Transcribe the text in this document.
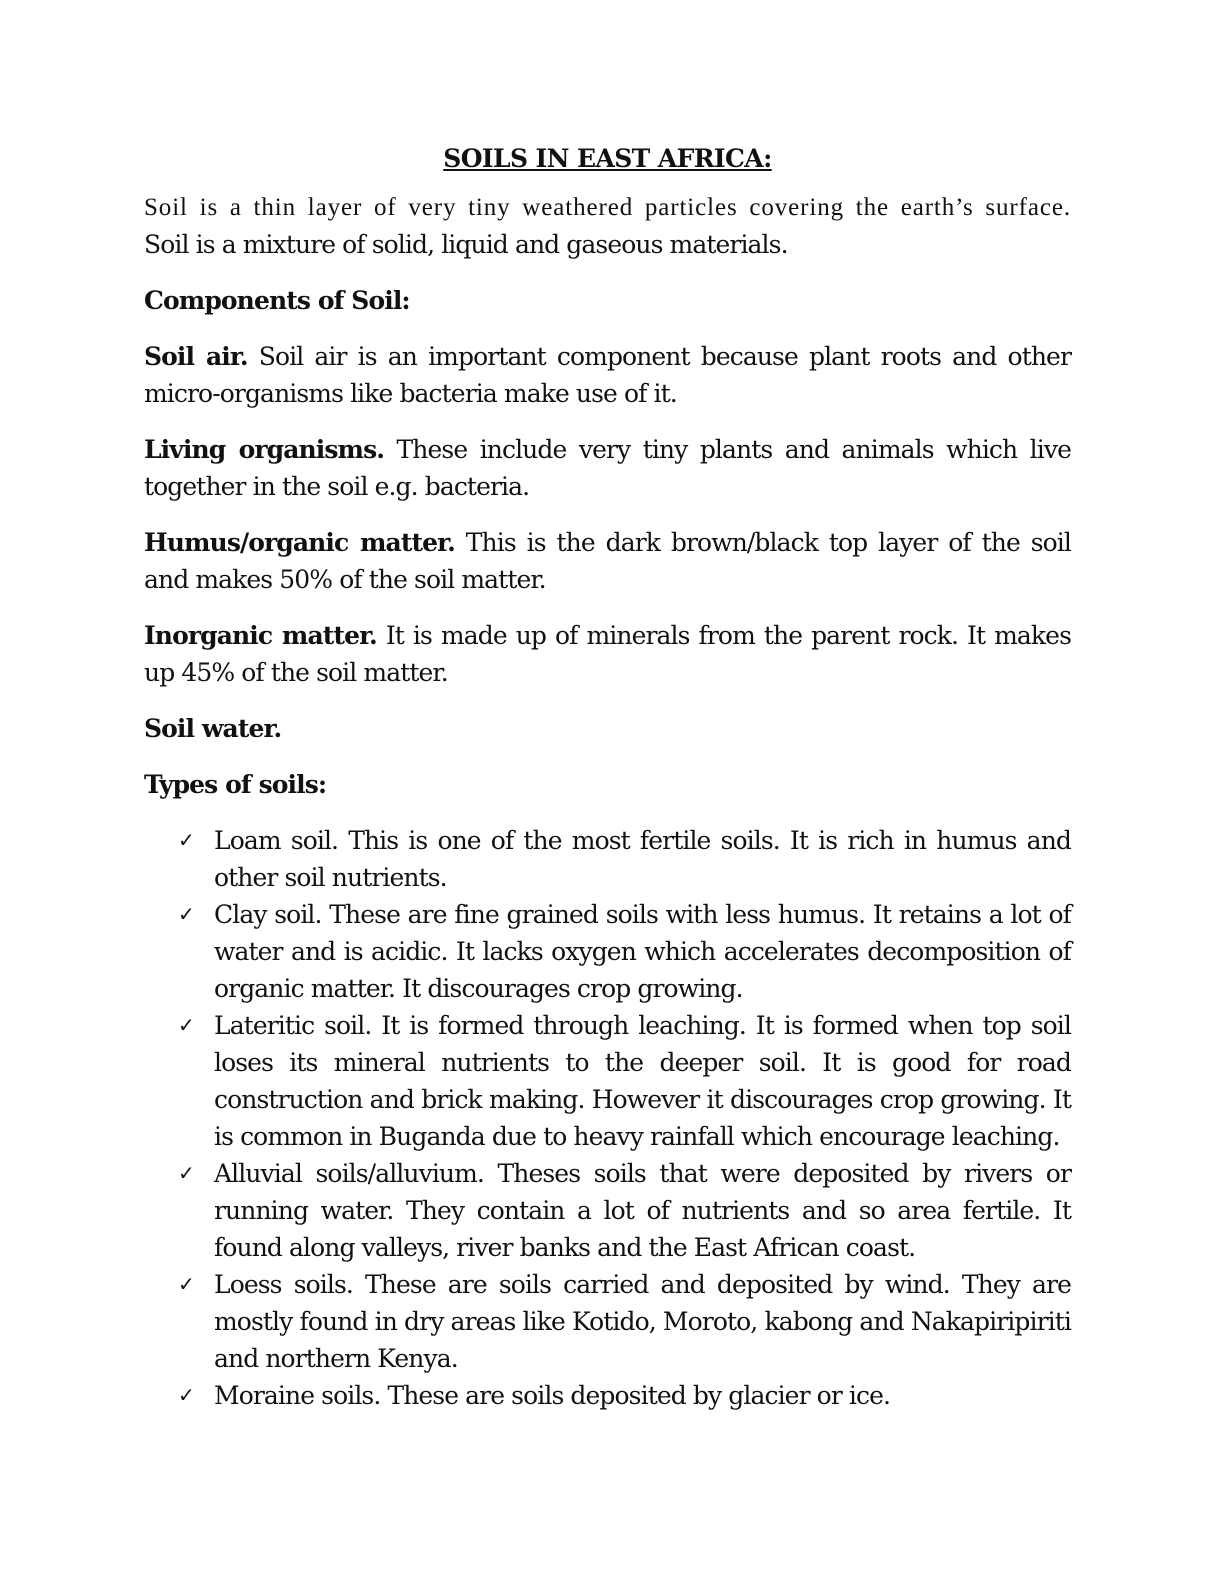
SOILS IN EAST AFRICA:

Soil is a thin layer of very tiny weathered particles covering the earth’s surface.
Soil is a mixture of solid, liquid and gaseous materials.

Components of Soil:

Soil air. Soil air is an important component because plant roots and other micro-organisms like bacteria make use of it.

Living organisms. These include very tiny plants and animals which live together in the soil e.g. bacteria.

Humus/organic matter. This is the dark brown/black top layer of the soil and makes 50% of the soil matter.

Inorganic matter. It is made up of minerals from the parent rock. It makes up 45% of the soil matter.

Soil water.

Types of soils:
✓ Loam soil. This is one of the most fertile soils. It is rich in humus and other soil nutrients.
✓ Clay soil. These are fine grained soils with less humus. It retains a lot of water and is acidic. It lacks oxygen which accelerates decomposition of organic matter. It discourages crop growing.
✓ Lateritic soil. It is formed through leaching. It is formed when top soil loses its mineral nutrients to the deeper soil. It is good for road construction and brick making. However it discourages crop growing. It is common in Buganda due to heavy rainfall which encourage leaching.
✓ Alluvial soils/alluvium. Theses soils that were deposited by rivers or running water. They contain a lot of nutrients and so area fertile. It found along valleys, river banks and the East African coast.
✓ Loess soils. These are soils carried and deposited by wind. They are mostly found in dry areas like Kotido, Moroto, kabong and Nakapiripiriti and northern Kenya.
✓ Moraine soils. These are soils deposited by glacier or ice.
